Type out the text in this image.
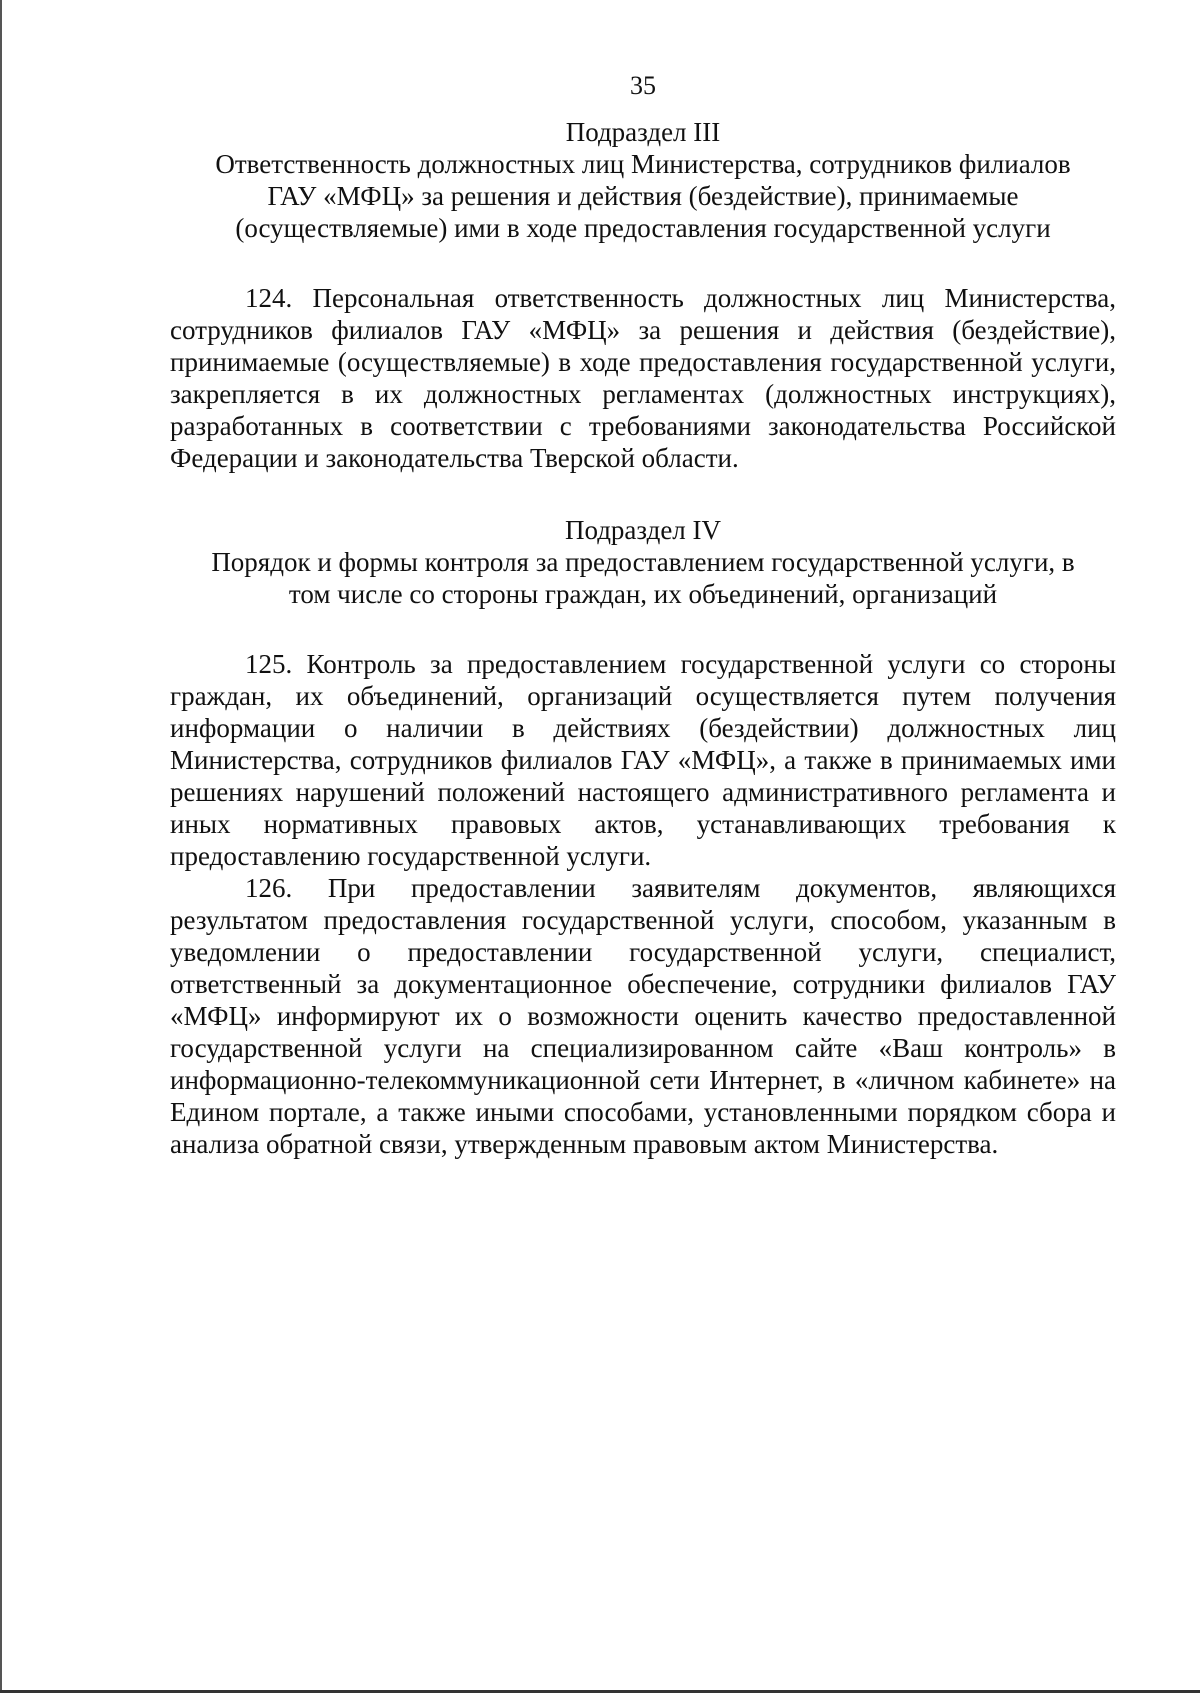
35
Подраздел III
Ответственность должностных лиц Министерства, сотрудников филиалов
ГАУ «МФЦ» за решения и действия (бездействие), принимаемые
(осуществляемые) ими в ходе предоставления государственной услуги

124. Персональная ответственность должностных лиц Министерства, сотрудников филиалов ГАУ «МФЦ» за решения и действия (бездействие), принимаемые (осуществляемые) в ходе предоставления государственной услуги, закрепляется в их должностных регламентах (должностных инструкциях), разработанных в соответствии с требованиями законодательства Российской Федерации и законодательства Тверской области.

Подраздел IV
Порядок и формы контроля за предоставлением государственной услуги, в
том числе со стороны граждан, их объединений, организаций

125. Контроль за предоставлением государственной услуги со стороны граждан, их объединений, организаций осуществляется путем получения информации о наличии в действиях (бездействии) должностных лиц Министерства, сотрудников филиалов ГАУ «МФЦ», а также в принимаемых ими решениях нарушений положений настоящего административного регламента и иных нормативных правовых актов, устанавливающих требования к предоставлению государственной услуги.

126. При предоставлении заявителям документов, являющихся результатом предоставления государственной услуги, способом, указанным в уведомлении о предоставлении государственной услуги, специалист, ответственный за документационное обеспечение, сотрудники филиалов ГАУ «МФЦ» информируют их о возможности оценить качество предоставленной государственной услуги на специализированном сайте «Ваш контроль» в информационно-телекоммуникационной сети Интернет, в «личном кабинете» на Едином портале, а также иными способами, установленными порядком сбора и анализа обратной связи, утвержденным правовым актом Министерства.
